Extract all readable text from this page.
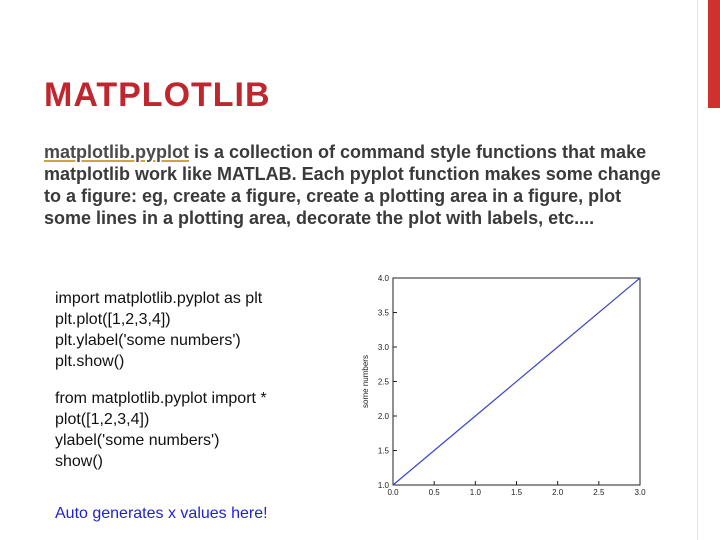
MATPLOTLIB

matplotlib.pyplot is a collection of command style functions that make matplotlib work like MATLAB. Each pyplot function makes some change to a figure: eg, create a figure, create a plotting area in a figure, plot some lines in a plotting area, decorate the plot with labels, etc....

import matplotlib.pyplot as plt
plt.plot([1,2,3,4])
plt.ylabel('some numbers')
plt.show()
from matplotlib.pyplot import *
plot([1,2,3,4])
ylabel('some numbers')
show()

Auto generates x values here!

0.0	0.5	1.0	1.5	2.0	2.5	3.0
1.0
1.5
2.0
2.5
3.0
3.5
4.0
some numbers
